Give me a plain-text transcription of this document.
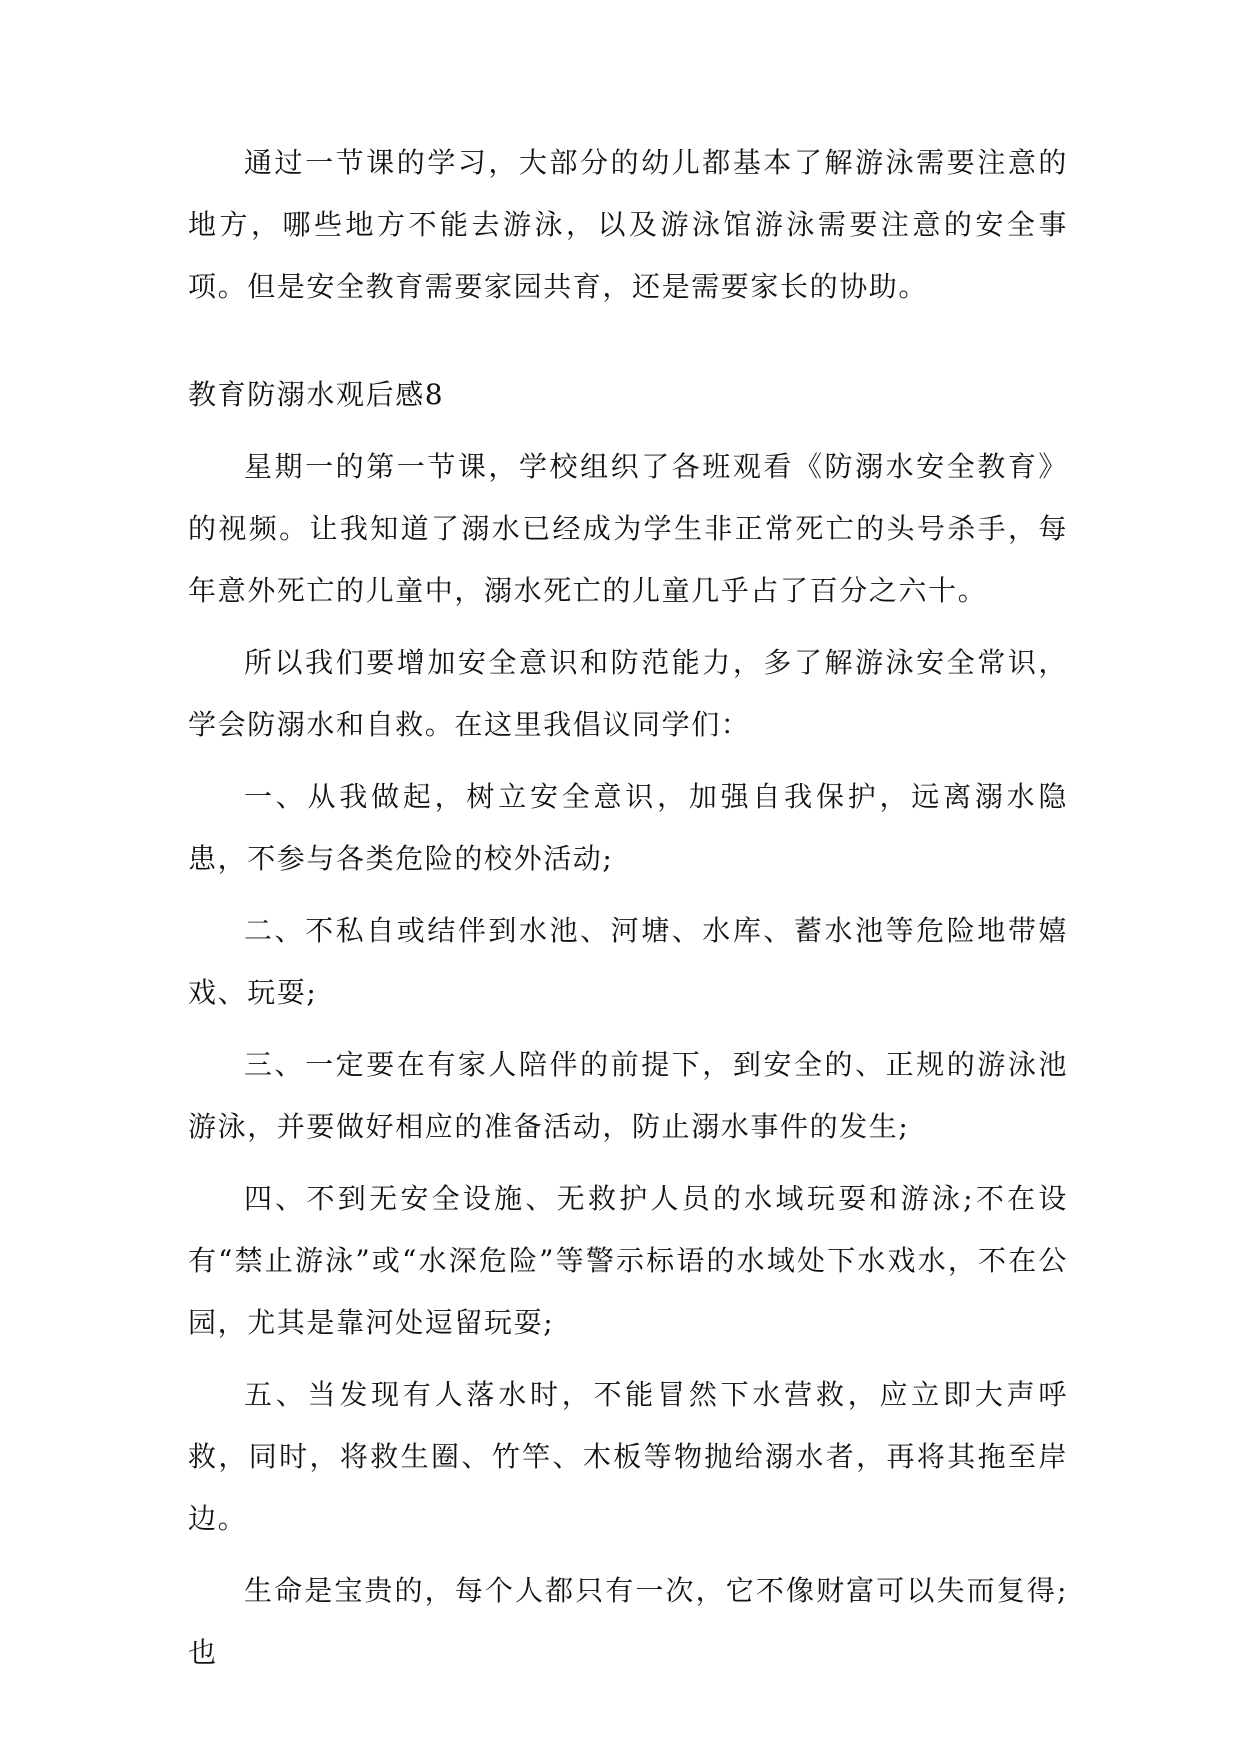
通过一节课的学习，大部分的幼儿都基本了解游泳需要注意的地方，哪些地方不能去游泳，以及游泳馆游泳需要注意的安全事项。但是安全教育需要家园共育，还是需要家长的协助。

教育防溺水观后感8

星期一的第一节课，学校组织了各班观看《防溺水安全教育》的视频。让我知道了溺水已经成为学生非正常死亡的头号杀手，每年意外死亡的儿童中，溺水死亡的儿童几乎占了百分之六十。

所以我们要增加安全意识和防范能力，多了解游泳安全常识，学会防溺水和自救。在这里我倡议同学们：

一、从我做起，树立安全意识，加强自我保护，远离溺水隐患，不参与各类危险的校外活动;

二、不私自或结伴到水池、河塘、水库、蓄水池等危险地带嬉戏、玩耍;

三、一定要在有家人陪伴的前提下，到安全的、正规的游泳池游泳，并要做好相应的准备活动，防止溺水事件的发生;

四、不到无安全设施、无救护人员的水域玩耍和游泳;不在设有“禁止游泳”或“水深危险”等警示标语的水域处下水戏水，不在公园，尤其是靠河处逗留玩耍;

五、当发现有人落水时，不能冒然下水营救，应立即大声呼救，同时，将救生圈、竹竿、木板等物抛给溺水者，再将其拖至岸边。

生命是宝贵的，每个人都只有一次，它不像财富可以失而复得;也
